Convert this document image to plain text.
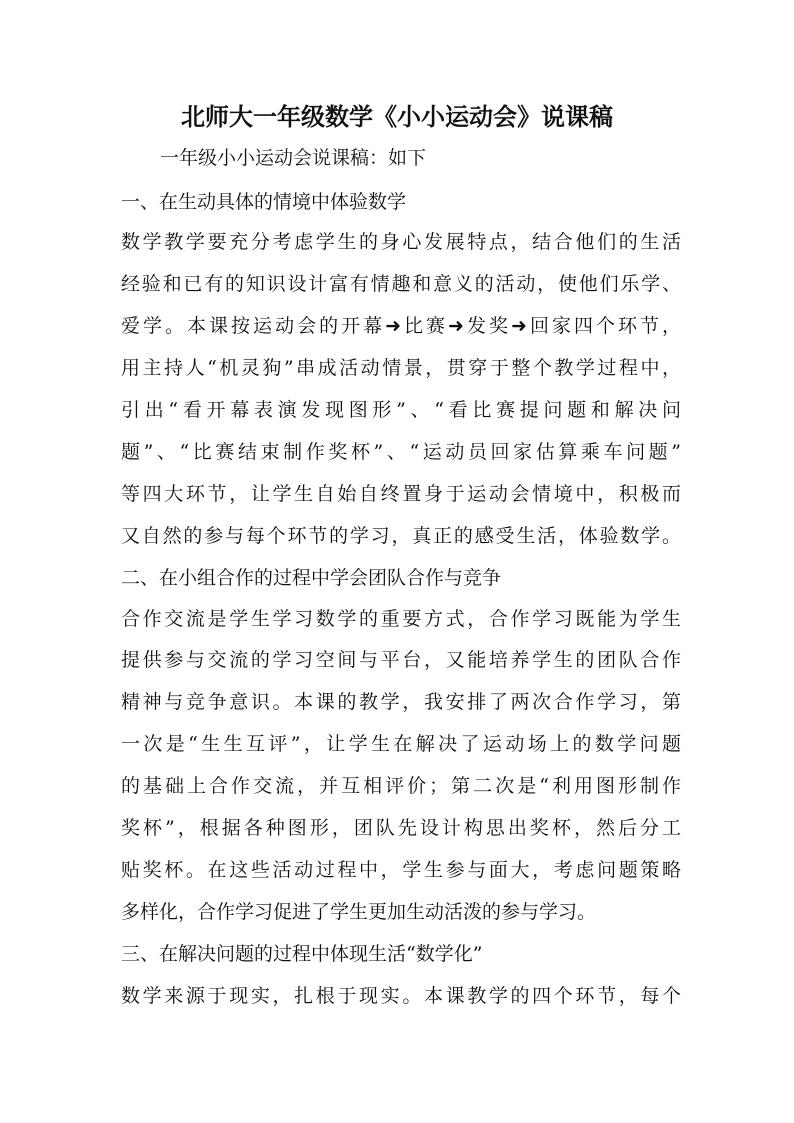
北师大一年级数学《小小运动会》说课稿
一年级小小运动会说课稿：如下
一、在生动具体的情境中体验数学
数学教学要充分考虑学生的身心发展特点，结合他们的生活
经验和已有的知识设计富有情趣和意义的活动，使他们乐学、
爱学。本课按运动会的开幕➜比赛➜发奖➜回家四个环节，
用主持人“机灵狗”串成活动情景，贯穿于整个教学过程中，
引出“看开幕表演发现图形”、“看比赛提问题和解决问
题”、“比赛结束制作奖杯”、“运动员回家估算乘车问题”
等四大环节，让学生自始自终置身于运动会情境中，积极而
又自然的参与每个环节的学习，真正的感受生活，体验数学。
二、在小组合作的过程中学会团队合作与竞争
合作交流是学生学习数学的重要方式，合作学习既能为学生
提供参与交流的学习空间与平台，又能培养学生的团队合作
精神与竞争意识。本课的教学，我安排了两次合作学习，第
一次是“生生互评”，让学生在解决了运动场上的数学问题
的基础上合作交流，并互相评价；第二次是“利用图形制作
奖杯”，根据各种图形，团队先设计构思出奖杯，然后分工
贴奖杯。在这些活动过程中，学生参与面大，考虑问题策略
多样化，合作学习促进了学生更加生动活泼的参与学习。
三、在解决问题的过程中体现生活“数学化”
数学来源于现实，扎根于现实。本课教学的四个环节，每个
